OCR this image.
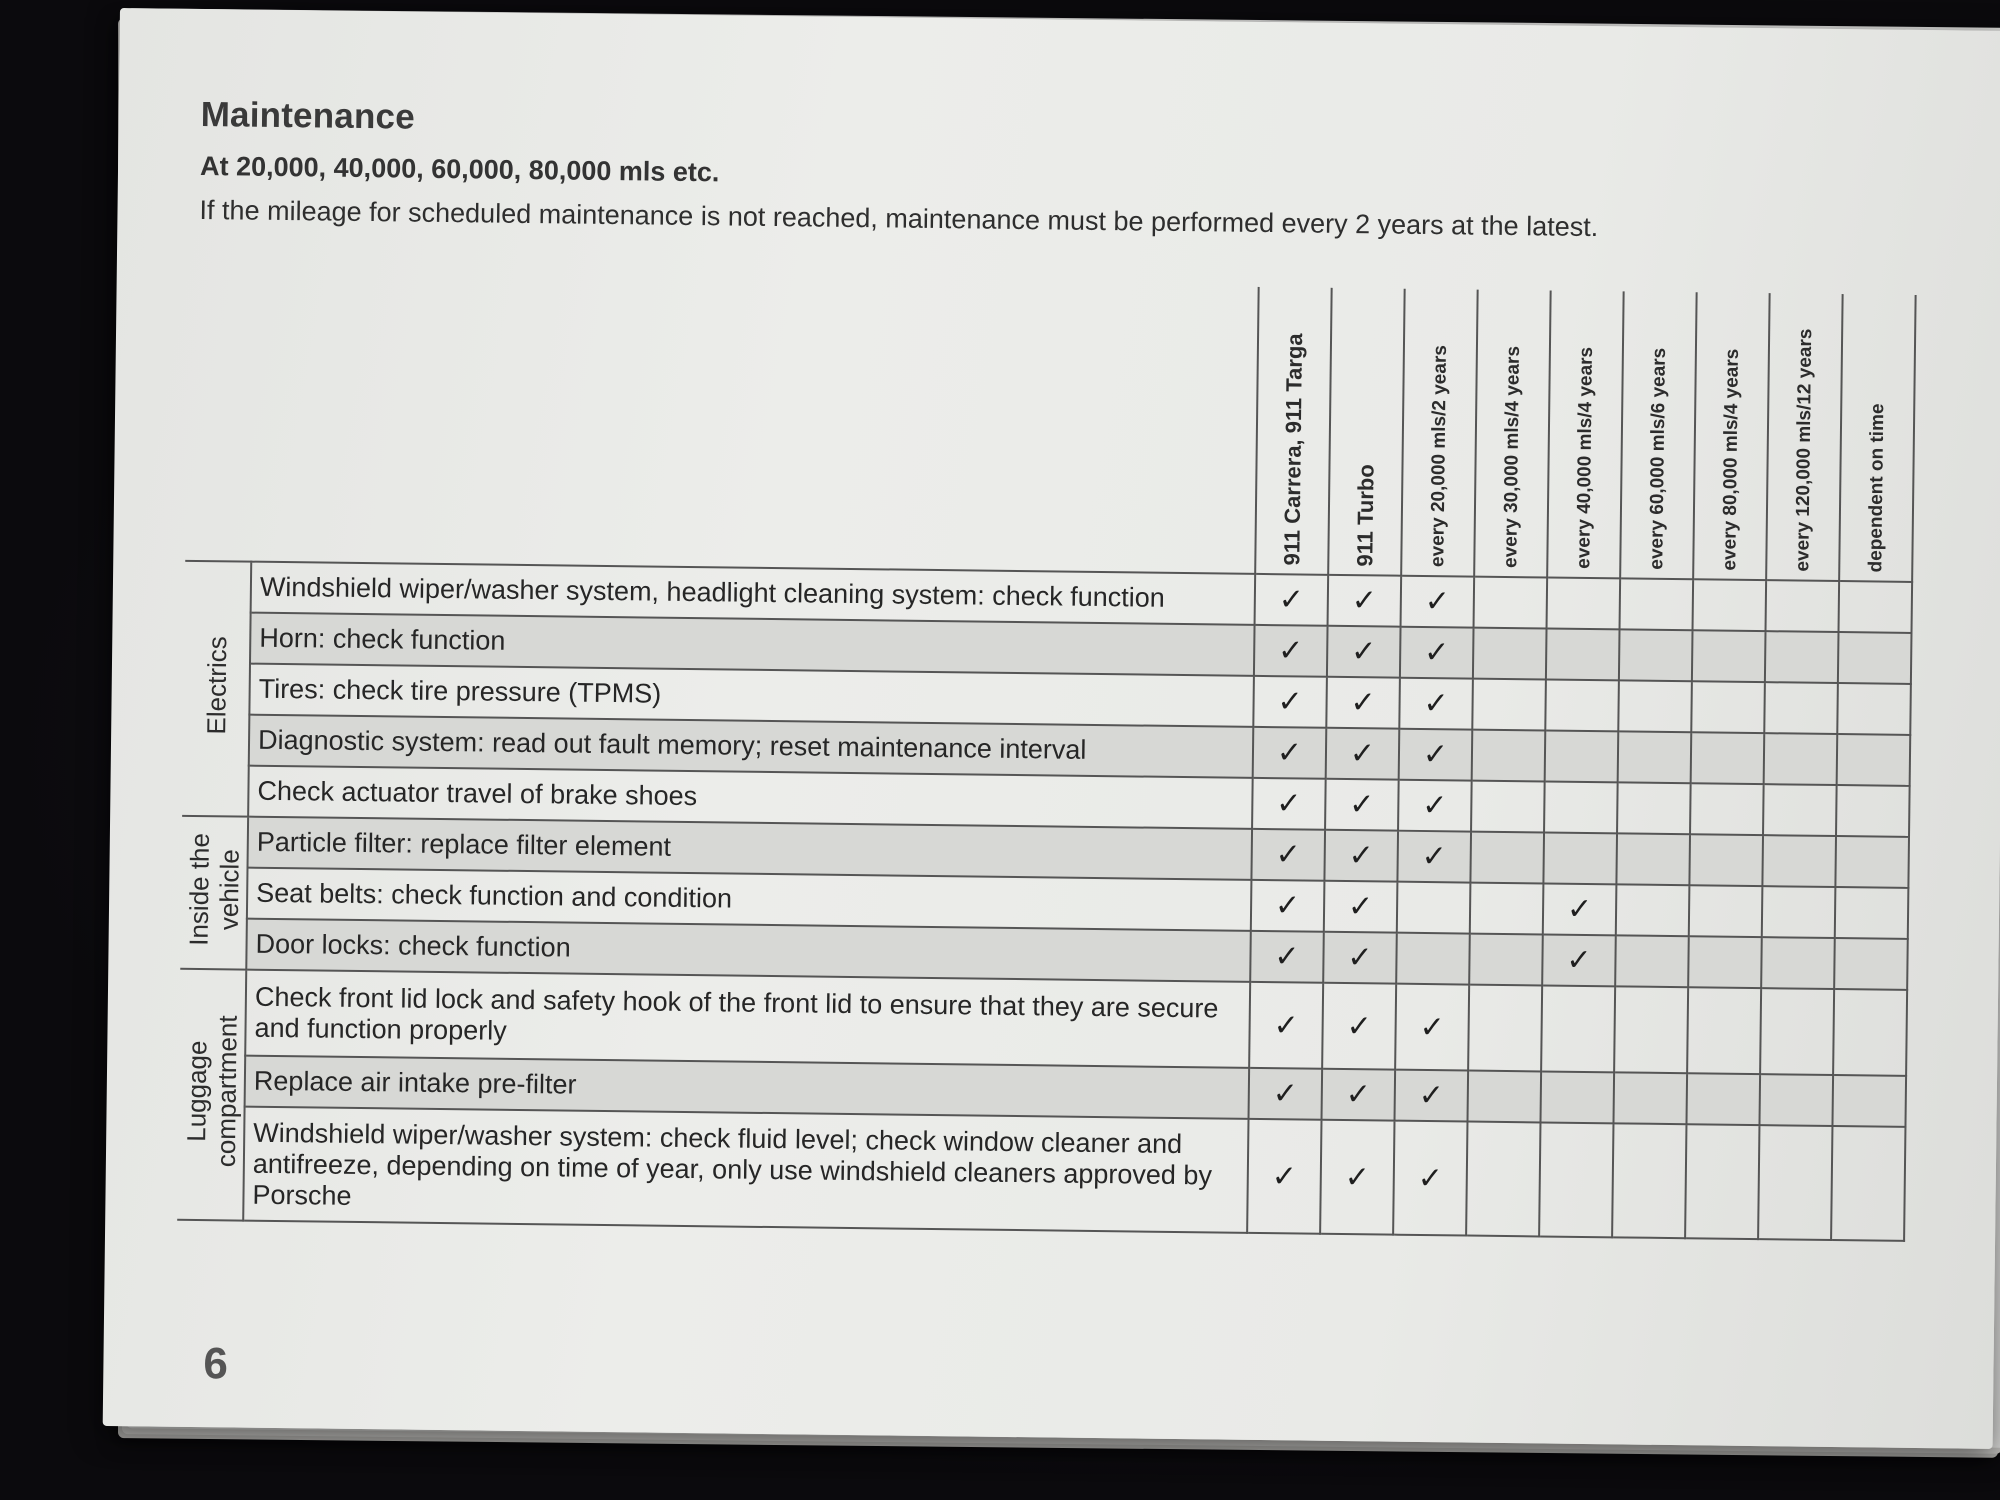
Maintenance
At 20,000, 40,000, 60,000, 80,000 mls etc.
If the mileage for scheduled maintenance is not reached, maintenance must be performed every 2 years at the latest.

		911 Carrera, 911 Targa	911 Turbo	every 20,000 mls/2 years	every 30,000 mls/4 years	every 40,000 mls/4 years	every 60,000 mls/6 years	every 80,000 mls/4 years	every 120,000 mls/12 years	dependent on time

Electrics	Windshield wiper/washer system, headlight cleaning system: check function	✓	✓	✓						
	Horn: check function	✓	✓	✓						
	Tires: check tire pressure (TPMS)	✓	✓	✓						
	Diagnostic system: read out fault memory; reset maintenance interval	✓	✓	✓						
	Check actuator travel of brake shoes	✓	✓	✓						
Inside the
vehicle	Particle filter: replace filter element	✓	✓	✓						
	Seat belts: check function and condition	✓	✓			✓				
	Door locks: check function	✓	✓			✓				
Luggage
compartment	Check front lid lock and safety hook of the front lid to ensure that they are secure and function properly	✓	✓	✓						
	Replace air intake pre-filter	✓	✓	✓						
	Windshield wiper/washer system: check fluid level; check window cleaner and antifreeze, depending on time of year, only use windshield cleaners approved by Porsche	✓	✓	✓						
6
